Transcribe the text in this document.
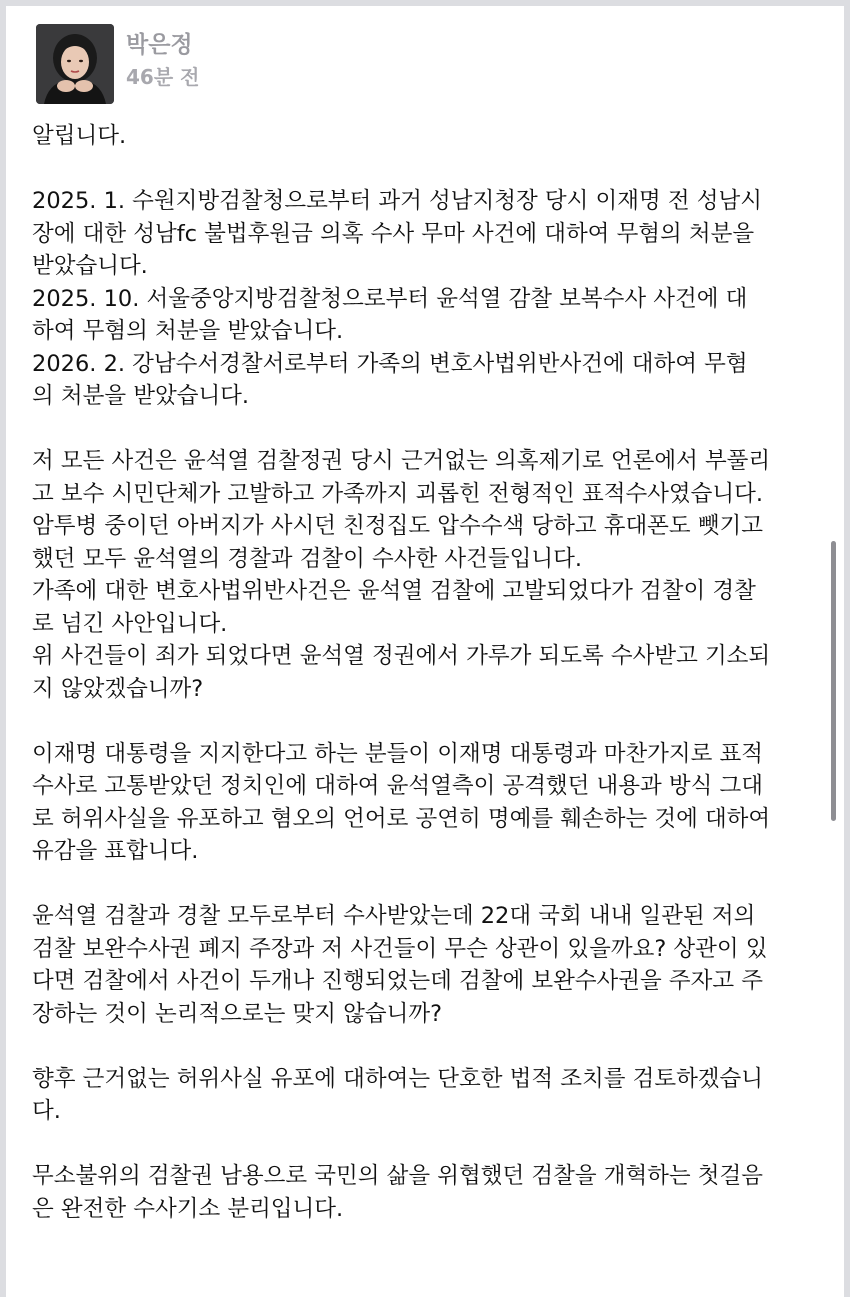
박은정
46분 전
알립니다.
2025. 1. 수원지방검찰청으로부터 과거 성남지청장 당시 이재명 전 성남시
장에 대한 성남fc 불법후원금 의혹 수사 무마 사건에 대하여 무혐의 처분을
받았습니다.
2025. 10. 서울중앙지방검찰청으로부터 윤석열 감찰 보복수사 사건에 대
하여 무혐의 처분을 받았습니다.
2026. 2. 강남수서경찰서로부터 가족의 변호사법위반사건에 대하여 무혐
의 처분을 받았습니다.
저 모든 사건은 윤석열 검찰정권 당시 근거없는 의혹제기로 언론에서 부풀리
고 보수 시민단체가 고발하고 가족까지 괴롭힌 전형적인 표적수사였습니다.
암투병 중이던 아버지가 사시던 친정집도 압수수색 당하고 휴대폰도 뺏기고
했던 모두 윤석열의 경찰과 검찰이 수사한 사건들입니다.
가족에 대한 변호사법위반사건은 윤석열 검찰에 고발되었다가 검찰이 경찰
로 넘긴 사안입니다.
위 사건들이 죄가 되었다면 윤석열 정권에서 가루가 되도록 수사받고 기소되
지 않았겠습니까?
이재명 대통령을 지지한다고 하는 분들이 이재명 대통령과 마찬가지로 표적
수사로 고통받았던 정치인에 대하여 윤석열측이 공격했던 내용과 방식 그대
로 허위사실을 유포하고 혐오의 언어로 공연히 명예를 훼손하는 것에 대하여
유감을 표합니다.
윤석열 검찰과 경찰 모두로부터 수사받았는데 22대 국회 내내 일관된 저의
검찰 보완수사권 폐지 주장과 저 사건들이 무슨 상관이 있을까요? 상관이 있
다면 검찰에서 사건이 두개나 진행되었는데 검찰에 보완수사권을 주자고 주
장하는 것이 논리적으로는 맞지 않습니까?
향후 근거없는 허위사실 유포에 대하여는 단호한 법적 조치를 검토하겠습니
다.
무소불위의 검찰권 남용으로 국민의 삶을 위협했던 검찰을 개혁하는 첫걸음
은 완전한 수사기소 분리입니다.
